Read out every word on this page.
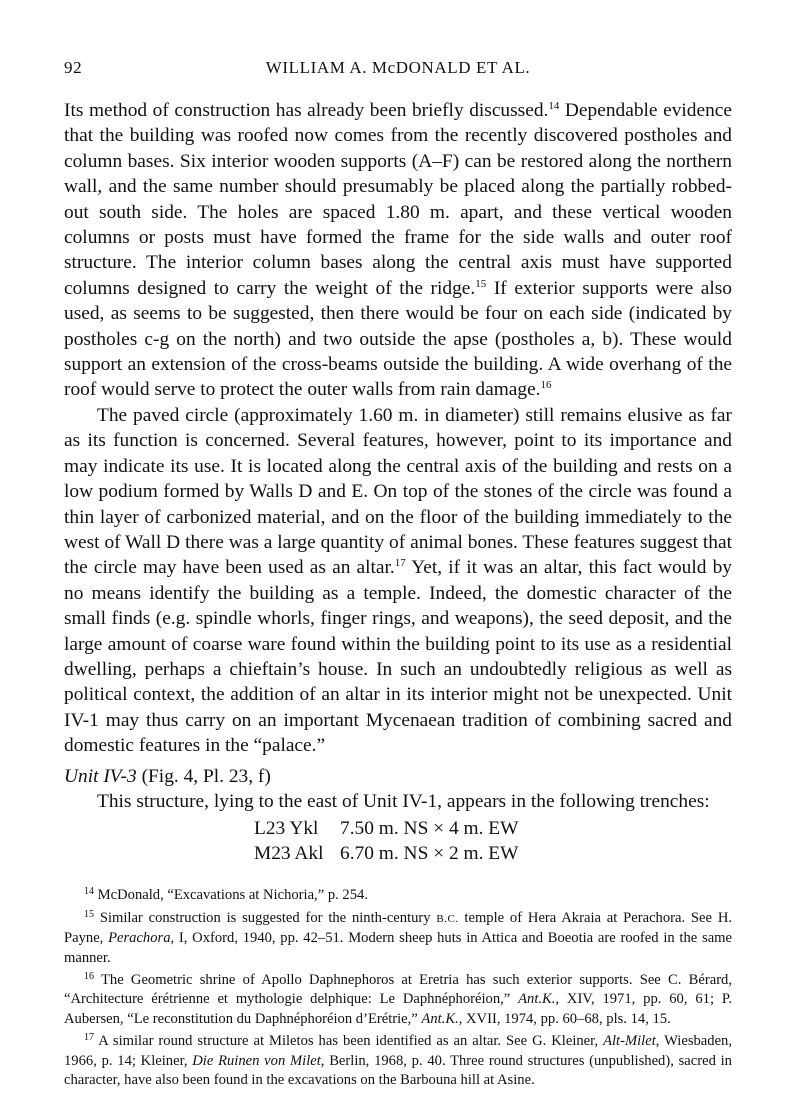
92	WILLIAM A. McDONALD ET AL.

Its method of construction has already been briefly discussed.$^{14}$ Dependable evidence that the building was roofed now comes from the recently discovered postholes and column bases. Six interior wooden supports (A–F) can be restored along the northern wall, and the same number should presumably be placed along the partially robbed-out south side. The holes are spaced 1.80 m. apart, and these vertical wooden columns or posts must have formed the frame for the side walls and outer roof structure. The interior column bases along the central axis must have supported columns designed to carry the weight of the ridge.$^{15}$ If exterior supports were also used, as seems to be suggested, then there would be four on each side (indicated by postholes c-g on the north) and two outside the apse (postholes a, b). These would support an extension of the cross-beams outside the building. A wide overhang of the roof would serve to protect the outer walls from rain damage.$^{16}$

The paved circle (approximately 1.60 m. in diameter) still remains elusive as far as its function is concerned. Several features, however, point to its importance and may indicate its use. It is located along the central axis of the building and rests on a low podium formed by Walls D and E. On top of the stones of the circle was found a thin layer of carbonized material, and on the floor of the building immediately to the west of Wall D there was a large quantity of animal bones. These features suggest that the circle may have been used as an altar.$^{17}$ Yet, if it was an altar, this fact would by no means identify the building as a temple. Indeed, the domestic character of the small finds (e.g. spindle whorls, finger rings, and weapons), the seed deposit, and the large amount of coarse ware found within the building point to its use as a residential dwelling, perhaps a chieftain’s house. In such an undoubtedly religious as well as political context, the addition of an altar in its interior might not be unexpected. Unit IV-1 may thus carry on an important Mycenaean tradition of combining sacred and domestic features in the “palace.”

Unit IV-3 (Fig. 4, Pl. 23, f)
This structure, lying to the east of Unit IV-1, appears in the following trenches:
L23 Ykl 7.50 m. NS × 4 m. EW
M23 Akl 6.70 m. NS × 2 m. EW

$^{14}$ McDonald, “Excavations at Nichoria,” p. 254.

$^{15}$ Similar construction is suggested for the ninth-century B.C. temple of Hera Akraia at Perachora. See H. Payne, Perachora, I, Oxford, 1940, pp. 42–51. Modern sheep huts in Attica and Boeotia are roofed in the same manner.

$^{16}$ The Geometric shrine of Apollo Daphnephoros at Eretria has such exterior supports. See C. Bérard, “Architecture érétrienne et mythologie delphique: Le Daphnéphoréion,” Ant.K., XIV, 1971, pp. 60, 61; P. Aubersen, “Le reconstitution du Daphnéphoréion d’Erétrie,” Ant.K., XVII, 1974, pp. 60–68, pls. 14, 15.

$^{17}$ A similar round structure at Miletos has been identified as an altar. See G. Kleiner, Alt-Milet, Wiesbaden, 1966, p. 14; Kleiner, Die Ruinen von Milet, Berlin, 1968, p. 40. Three round structures (unpublished), sacred in character, have also been found in the excavations on the Barbouna hill at Asine.
